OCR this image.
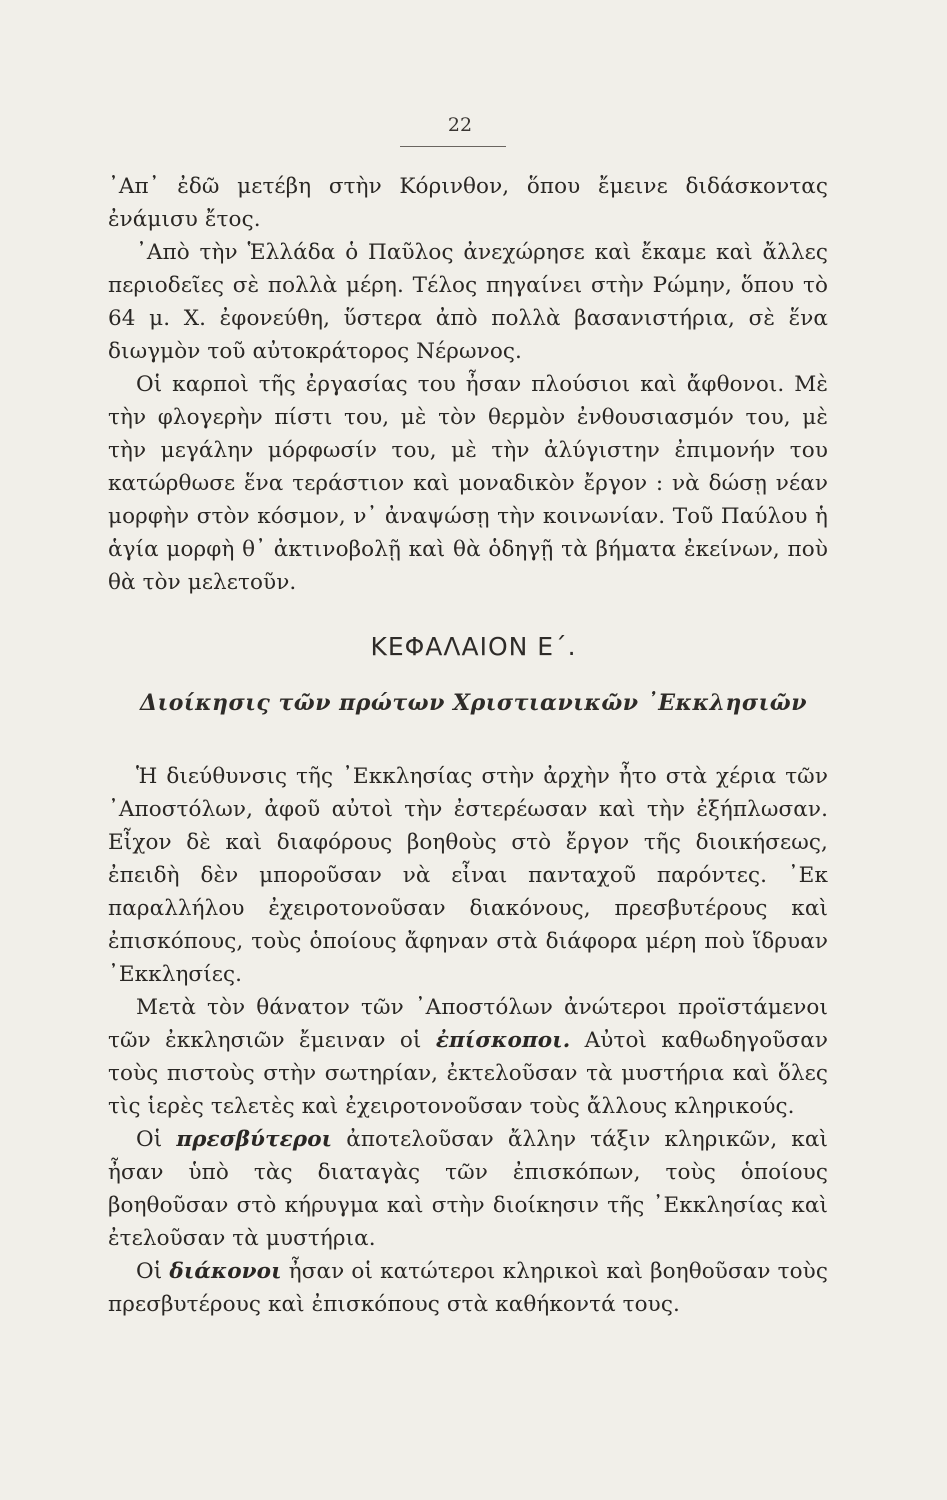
22

᾽Απ᾽ ἐδῶ μετέβη στὴν Κόρινθον, ὅπου ἔμεινε διδάσκοντας ἐνάμισυ ἔτος.

᾽Απὸ τὴν Ἑλλάδα ὁ Παῦλος ἀνεχώρησε καὶ ἔκαμε καὶ ἄλλες περιοδεῖες σὲ πολλὰ μέρη. Τέλος πηγαίνει στὴν Ρώμην, ὅπου τὸ 64 μ. Χ. ἐφονεύθη, ὕστερα ἀπὸ πολλὰ βασανιστήρια, σὲ ἕνα διωγμὸν τοῦ αὐτοκράτορος Νέρωνος.

Οἱ καρποὶ τῆς ἐργασίας του ἦσαν πλούσιοι καὶ ἄφθονοι. Μὲ τὴν φλογερὴν πίστι του, μὲ τὸν θερμὸν ἐνθουσιασμόν του, μὲ τὴν μεγάλην μόρφωσίν του, μὲ τὴν ἀλύγιστην ἐπιμονήν του κατώρθωσε ἕνα τεράστιον καὶ μοναδικὸν ἔργον : νὰ δώσῃ νέαν μορφὴν στὸν κόσμον, ν᾽ ἀναψώσῃ τὴν κοινωνίαν. Τοῦ Παύλου ἡ ἁγία μορφὴ θ᾽ ἀκτινοβολῇ καὶ θὰ ὁδηγῇ τὰ βήματα ἐκείνων, ποὺ θὰ τὸν μελετοῦν.

ΚΕΦΑΛΑΙΟΝ Ε΄.
Διοίκησις τῶν πρώτων Χριστιανικῶν ᾽Εκκλησιῶν

Ἡ διεύθυνσις τῆς ᾽Εκκλησίας στὴν ἀρχὴν ἦτο στὰ χέρια τῶν ᾽Αποστόλων, ἀφοῦ αὐτοὶ τὴν ἐστερέωσαν καὶ τὴν ἐξήπλωσαν. Εἶχον δὲ καὶ διαφόρους βοηθοὺς στὸ ἔργον τῆς διοικήσεως, ἐπειδὴ δὲν μποροῦσαν νὰ εἶναι πανταχοῦ παρόντες. ᾽Εκ παραλλήλου ἐχειροτονοῦσαν διακόνους, πρεσβυτέρους καὶ ἐπισκόπους, τοὺς ὁποίους ἄφηναν στὰ διάφορα μέρη ποὺ ἵδρυαν ᾽Εκκλησίες.

Μετὰ τὸν θάνατον τῶν ᾽Αποστόλων ἀνώτεροι προϊστάμενοι τῶν ἐκκλησιῶν ἔμειναν οἱ ἐπίσκοποι. Αὐτοὶ καθωδηγοῦσαν τοὺς πιστοὺς στὴν σωτηρίαν, ἐκτελοῦσαν τὰ μυστήρια καὶ ὅλες τὶς ἱερὲς τελετὲς καὶ ἐχειροτονοῦσαν τοὺς ἄλλους κληρικούς.

Οἱ πρεσβύτεροι ἀποτελοῦσαν ἄλλην τάξιν κληρικῶν, καὶ ἦσαν ὑπὸ τὰς διαταγὰς τῶν ἐπισκόπων, τοὺς ὁποίους βοηθοῦσαν στὸ κήρυγμα καὶ στὴν διοίκησιν τῆς ᾽Εκκλησίας καὶ ἐτελοῦσαν τὰ μυστήρια.

Οἱ διάκονοι ἦσαν οἱ κατώτεροι κληρικοὶ καὶ βοηθοῦσαν τοὺς πρεσβυτέρους καὶ ἐπισκόπους στὰ καθήκοντά τους.
